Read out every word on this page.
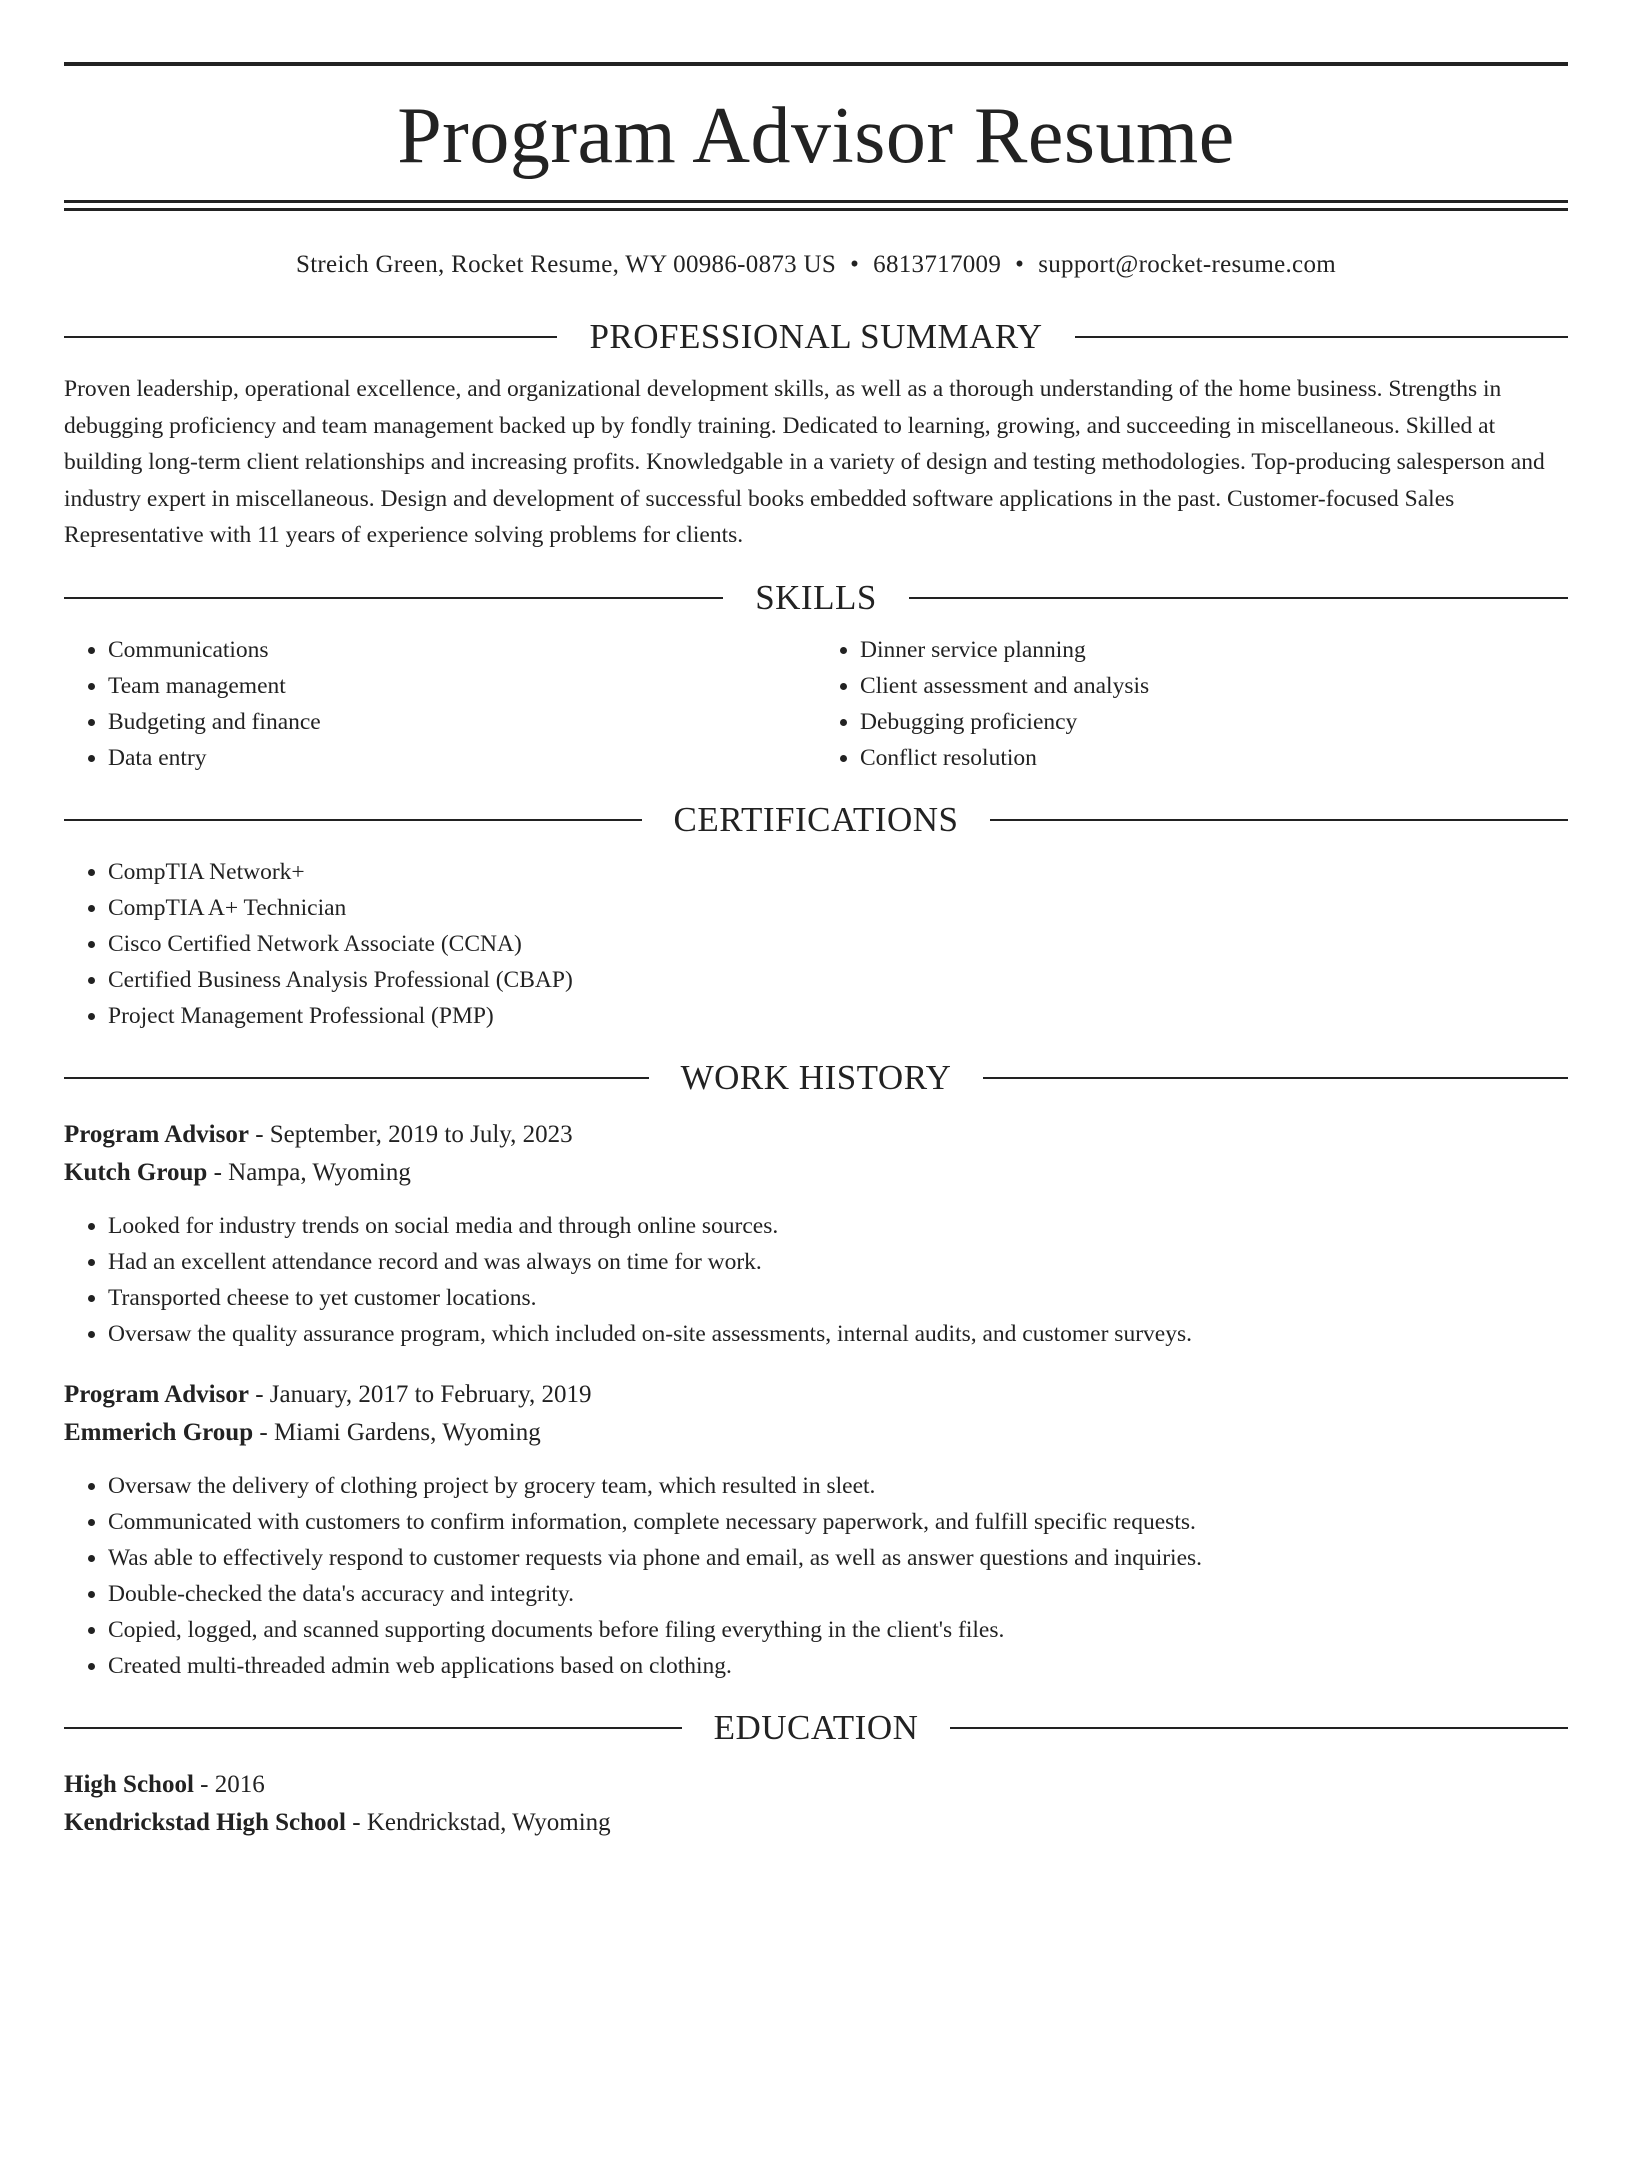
Program Advisor Resume
Streich Green, Rocket Resume, WY 00986-0873 US • 6813717009 • support@rocket-resume.com
PROFESSIONAL SUMMARY
Proven leadership, operational excellence, and organizational development skills, as well as a thorough understanding of the home business. Strengths in debugging proficiency and team management backed up by fondly training. Dedicated to learning, growing, and succeeding in miscellaneous. Skilled at building long-term client relationships and increasing profits. Knowledgable in a variety of design and testing methodologies. Top-producing salesperson and industry expert in miscellaneous. Design and development of successful books embedded software applications in the past. Customer-focused Sales Representative with 11 years of experience solving problems for clients.
SKILLS
• Communications
• Team management
• Budgeting and finance
• Data entry
• Dinner service planning
• Client assessment and analysis
• Debugging proficiency
• Conflict resolution
CERTIFICATIONS
• CompTIA Network+
• CompTIA A+ Technician
• Cisco Certified Network Associate (CCNA)
• Certified Business Analysis Professional (CBAP)
• Project Management Professional (PMP)
WORK HISTORY
Program Advisor - September, 2019 to July, 2023
Kutch Group - Nampa, Wyoming
• Looked for industry trends on social media and through online sources.
• Had an excellent attendance record and was always on time for work.
• Transported cheese to yet customer locations.
• Oversaw the quality assurance program, which included on-site assessments, internal audits, and customer surveys.
Program Advisor - January, 2017 to February, 2019
Emmerich Group - Miami Gardens, Wyoming
• Oversaw the delivery of clothing project by grocery team, which resulted in sleet.
• Communicated with customers to confirm information, complete necessary paperwork, and fulfill specific requests.
• Was able to effectively respond to customer requests via phone and email, as well as answer questions and inquiries.
• Double-checked the data's accuracy and integrity.
• Copied, logged, and scanned supporting documents before filing everything in the client's files.
• Created multi-threaded admin web applications based on clothing.
EDUCATION
High School - 2016
Kendrickstad High School - Kendrickstad, Wyoming
